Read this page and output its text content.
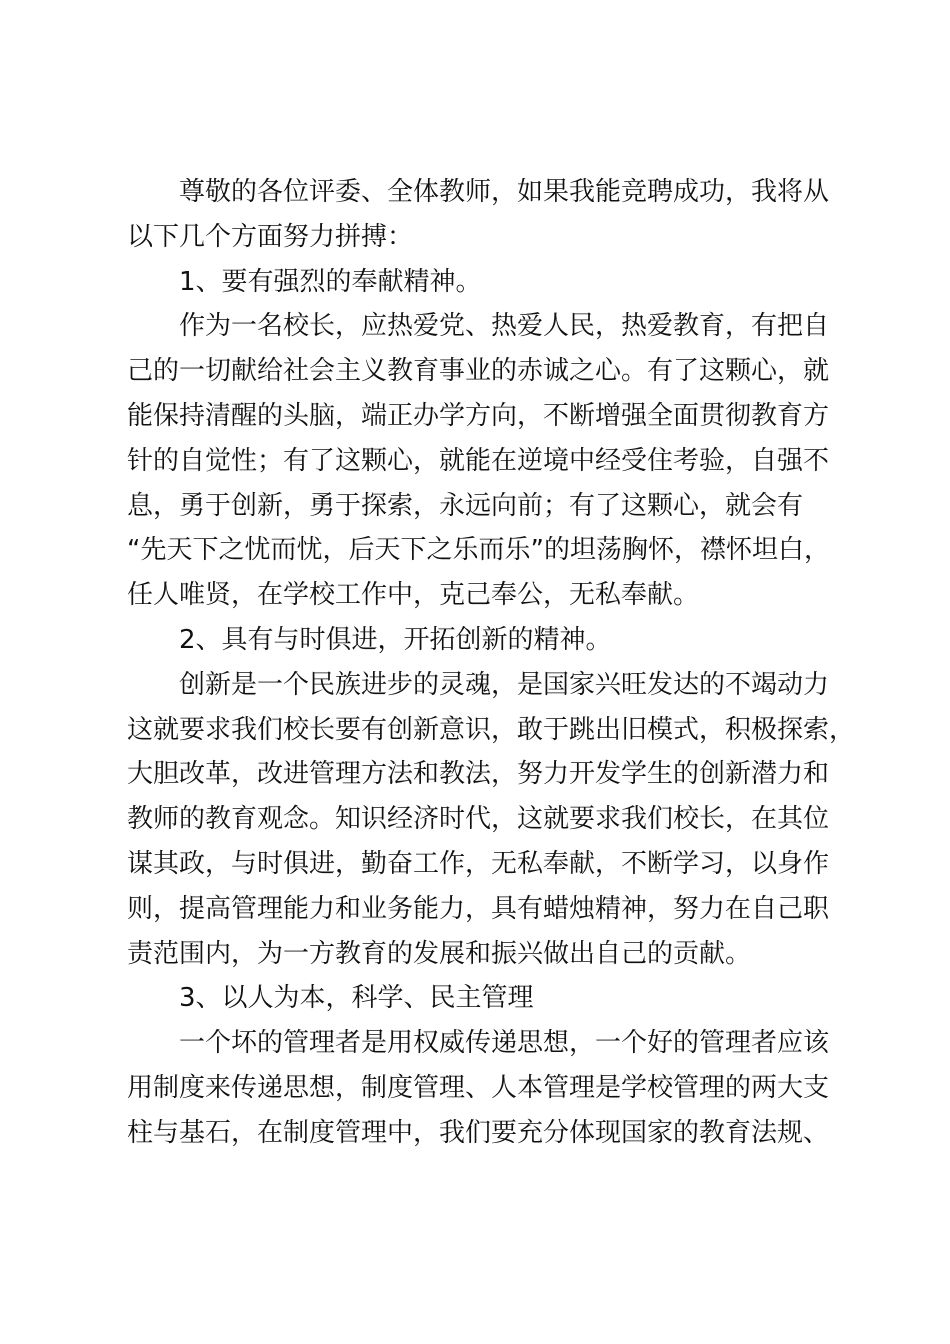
尊敬的各位评委、全体教师，如果我能竞聘成功，我将从
以下几个方面努力拼搏：
1、要有强烈的奉献精神。
作为一名校长，应热爱党、热爱人民，热爱教育，有把自
己的一切献给社会主义教育事业的赤诚之心。有了这颗心，就
能保持清醒的头脑，端正办学方向，不断增强全面贯彻教育方
针的自觉性；有了这颗心，就能在逆境中经受住考验，自强不
息，勇于创新，勇于探索，永远向前；有了这颗心，就会有
“先天下之忧而忧，后天下之乐而乐”的坦荡胸怀，襟怀坦白，
任人唯贤，在学校工作中，克己奉公，无私奉献。
2、具有与时俱进，开拓创新的精神。
创新是一个民族进步的灵魂，是国家兴旺发达的不竭动力
这就要求我们校长要有创新意识，敢于跳出旧模式，积极探索，
大胆改革，改进管理方法和教法，努力开发学生的创新潜力和
教师的教育观念。知识经济时代，这就要求我们校长，在其位
谋其政，与时俱进，勤奋工作，无私奉献，不断学习，以身作
则，提高管理能力和业务能力，具有蜡烛精神，努力在自己职
责范围内，为一方教育的发展和振兴做出自己的贡献。
3、以人为本，科学、民主管理
一个坏的管理者是用权威传递思想，一个好的管理者应该
用制度来传递思想，制度管理、人本管理是学校管理的两大支
柱与基石，在制度管理中，我们要充分体现国家的教育法规、
